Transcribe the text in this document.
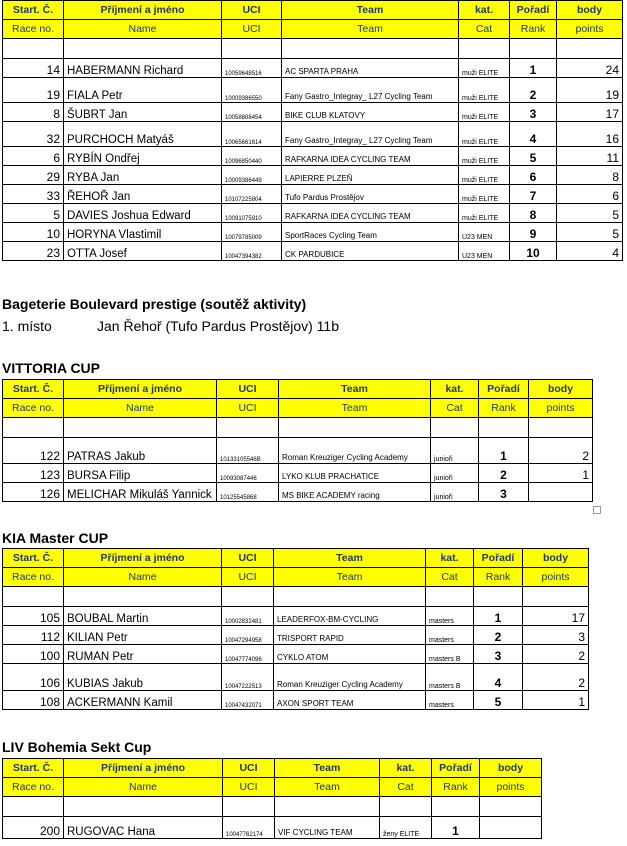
Start. Č.	Příjmení a jméno	UCI	Team	kat.	Pořadí	body
Race no.	Name	UCI	Team	Cat	Rank	points

14	HABERMANN Richard	10059648516	AC SPARTA PRAHA	muži ELITE	1	24
19	FIALA Petr	10009386550	Fany Gastro_Integray_ L27 Cycling Team	muži ELITE	2	19
8	ŠUBRT Jan	10058808454	BIKE CLUB KLATOVY	muži ELITE	3	17
32	PURCHOCH Matyáš	10065661614	Fany Gastro_Integray_ L27 Cycling Team	muži ELITE	4	16
6	RYBÍN Ondřej	10096850440	RAFKARNA IDEA CYCLING TEAM	muži ELITE	5	11
29	RYBA Jan	10009386449	LAPIERRE PLZEŇ	muži ELITE	6	8
33	ŘEHOŘ Jan	10107225804	Tufo Pardus Prostějov	muži ELITE	7	6
5	DAVIES Joshua Edward	10091075910	RAFKARNA IDEA CYCLING TEAM	muži ELITE	8	5
10	HORYNA Vlastimil	10079785009	SportRaces Cycling Team	U23 MEN	9	5
23	OTTA Josef	10047394382	CK PARDUBICE	U23 MEN	10	4
Bageterie Boulevard prestige (soutěž aktivity)
1. místo	Jan Řehoř (Tufo Pardus Prostějov) 11b
VITTORIA CUP
Start. Č.	Příjmení a jméno	UCI	Team	kat.	Pořadí	body
Race no.	Name	UCI	Team	Cat	Rank	points

122	PATRAS Jakub	10133105546B	Roman Kreuziger Cycling Academy	junioři	1	2
123	BURSA Filip	10093087446	LYKO KLUB PRACHATICE	junioři	2	1
126	MELICHAR Mikuláš Yannick	10125545868	MS BIKE ACADEMY racing	junioři	3	
KIA Master CUP
Start. Č.	Příjmení a jméno	UCI	Team	kat.	Pořadí	body
Race no.	Name	UCI	Team	Cat	Rank	points

105	BOUBAL Martin	10002832481	LEADERFOX-BM-CYCLING	masters	1	17
112	KILIAN Petr	10047294958	TRISPORT RAPID	masters	2	3
100	RUMAN Petr	10047774096	CYKLO ATOM	masters B	3	2
106	KUBIAS Jakub	10047222513	Roman Kreuziger Cycling Academy	masters B	4	2
108	ACKERMANN Kamil	10047432071	AXON SPORT TEAM	masters	5	1
LIV Bohemia Sekt Cup
Start. Č.	Příjmení a jméno	UCI	Team	kat.	Pořadí	body
Race no.	Name	UCI	Team	Cat	Rank	points

200	RUGOVAC Hana	10047762174	VIF CYCLING TEAM	ženy ELITE	1	
